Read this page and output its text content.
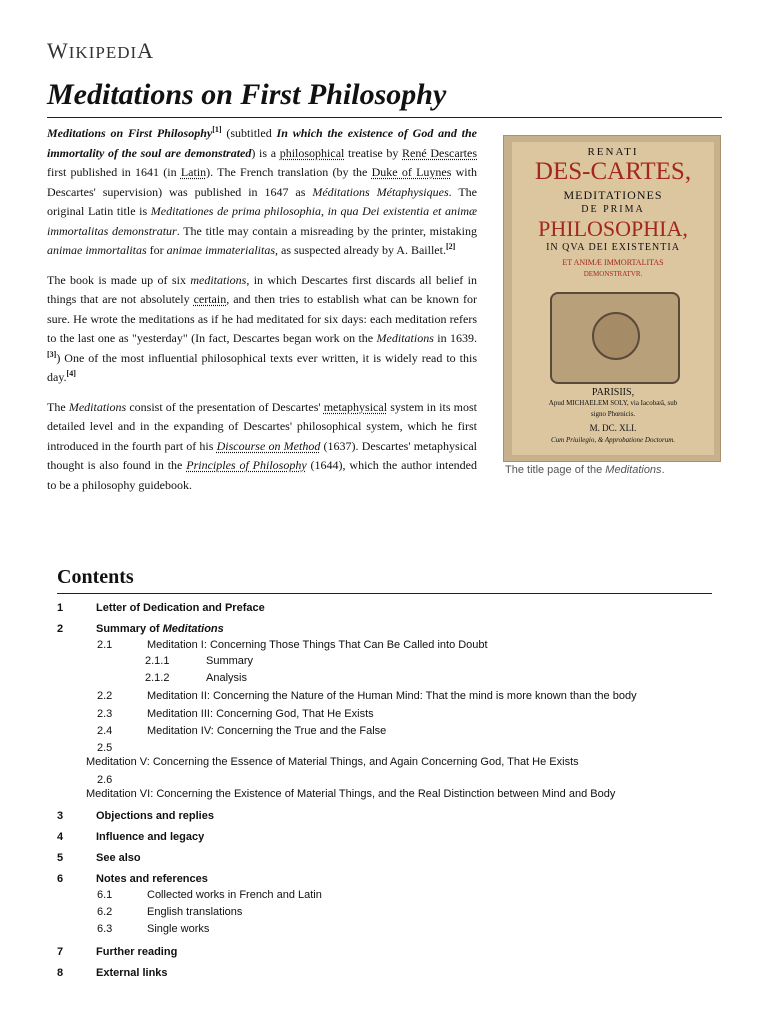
WIKIPEDIA
Meditations on First Philosophy

Meditations on First Philosophy[1] (subtitled In which the existence of God and the immortality of the soul are demonstrated) is a philosophical treatise by René Descartes first published in 1641 (in Latin). The French translation (by the Duke of Luynes with Descartes' supervision) was published in 1647 as Méditations Métaphysiques. The original Latin title is Meditationes de prima philosophia, in qua Dei existentia et animæ immortalitas demonstratur. The title may contain a misreading by the printer, mistaking animae immortalitas for animae immaterialitas, as suspected already by A. Baillet.[2]

The book is made up of six meditations, in which Descartes first discards all belief in things that are not absolutely certain, and then tries to establish what can be known for sure. He wrote the meditations as if he had meditated for six days: each meditation refers to the last one as "yesterday" (In fact, Descartes began work on the Meditations in 1639.[3]) One of the most influential philosophical texts ever written, it is widely read to this day.[4]

The Meditations consist of the presentation of Descartes' metaphysical system in its most detailed level and in the expanding of Descartes' philosophical system, which he first introduced in the fourth part of his Discourse on Method (1637). Descartes' metaphysical thought is also found in the Principles of Philosophy (1644), which the author intended to be a philosophy guidebook.

RENATI
DES-CARTES,
MEDITATIONES
DE PRIMA
PHILOSOPHIA,
IN QVA DEI EXISTENTIA
ET ANIMÆ IMMORTALITAS
DEMONSTRATVR.
PARISIIS,
Apud MICHAELEM SOLY, via Iacobæâ, sub
signo Phœnicis.
M. DC. XLI.
Cum Priuilegio, & Approbatione Doctorum.
The title page of the Meditations.
Contents
1	Letter of Dedication and Preface
2	Summary of Meditations
2.1	Meditation I: Concerning Those Things That Can Be Called into Doubt
2.1.1	Summary
2.1.2	Analysis
2.2	Meditation II: Concerning the Nature of the Human Mind: That the mind is more known than the body
2.3	Meditation III: Concerning God, That He Exists
2.4	Meditation IV: Concerning the True and the False
2.5
Meditation V: Concerning the Essence of Material Things, and Again Concerning God, That He Exists
2.6
Meditation VI: Concerning the Existence of Material Things, and the Real Distinction between Mind and Body
3	Objections and replies
4	Influence and legacy
5	See also
6	Notes and references
6.1	Collected works in French and Latin
6.2	English translations
6.3	Single works
7	Further reading
8	External links
